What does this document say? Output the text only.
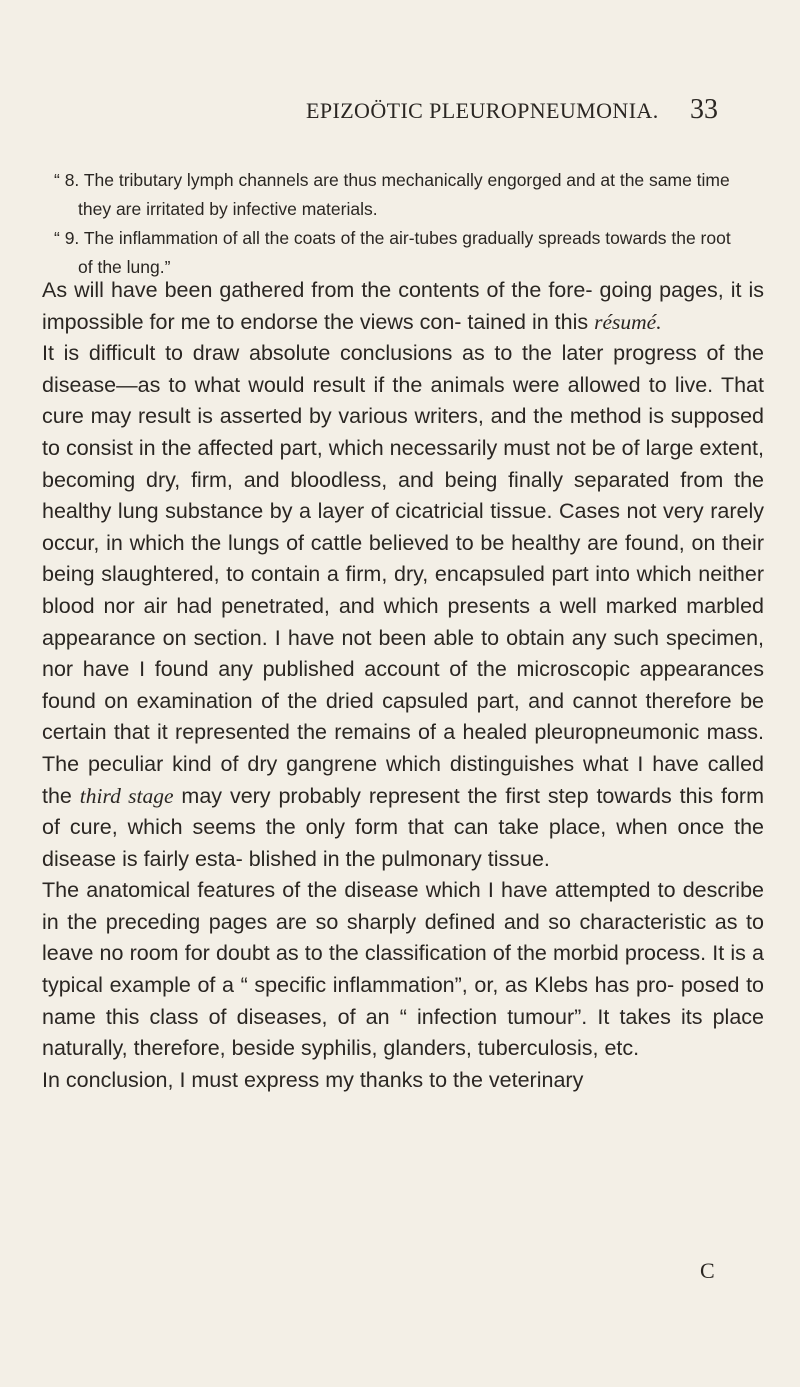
EPIZOÖTIC PLEURОPNEUMONIA. 33

“ 8. The tributary lymph channels are thus mechanically engorged and at the same time they are irritated by infective materials.

“ 9. The inflammation of all the coats of the air-tubes gradually spreads towards the root of the lung.”

As will have been gathered from the contents of the fore- going pages, it is impossible for me to endorse the views con- tained in this résumé.

It is difficult to draw absolute conclusions as to the later progress of the disease—as to what would result if the animals were allowed to live. That cure may result is asserted by various writers, and the method is supposed to consist in the affected part, which necessarily must not be of large extent, becoming dry, firm, and bloodless, and being finally separated from the healthy lung substance by a layer of cicatricial tissue. Cases not very rarely occur, in which the lungs of cattle believed to be healthy are found, on their being slaughtered, to contain a firm, dry, encapsuled part into which neither blood nor air had penetrated, and which presents a well marked marbled appearance on section. I have not been able to obtain any such specimen, nor have I found any published account of the microscopic appearances found on examination of the dried capsuled part, and cannot therefore be certain that it represented the remains of a healed pleuropneumonic mass. The peculiar kind of dry gangrene which distinguishes what I have called the third stage may very probably represent the first step towards this form of cure, which seems the only form that can take place, when once the disease is fairly esta- blished in the pulmonary tissue.

The anatomical features of the disease which I have attempted to describe in the preceding pages are so sharply defined and so characteristic as to leave no room for doubt as to the classification of the morbid process. It is a typical example of a “ specific inflammation”, or, as Klebs has pro- posed to name this class of diseases, of an “ infection tumour”. It takes its place naturally, therefore, beside syphilis, glanders, tuberculosis, etc.

In conclusion, I must express my thanks to the veterinary

C
